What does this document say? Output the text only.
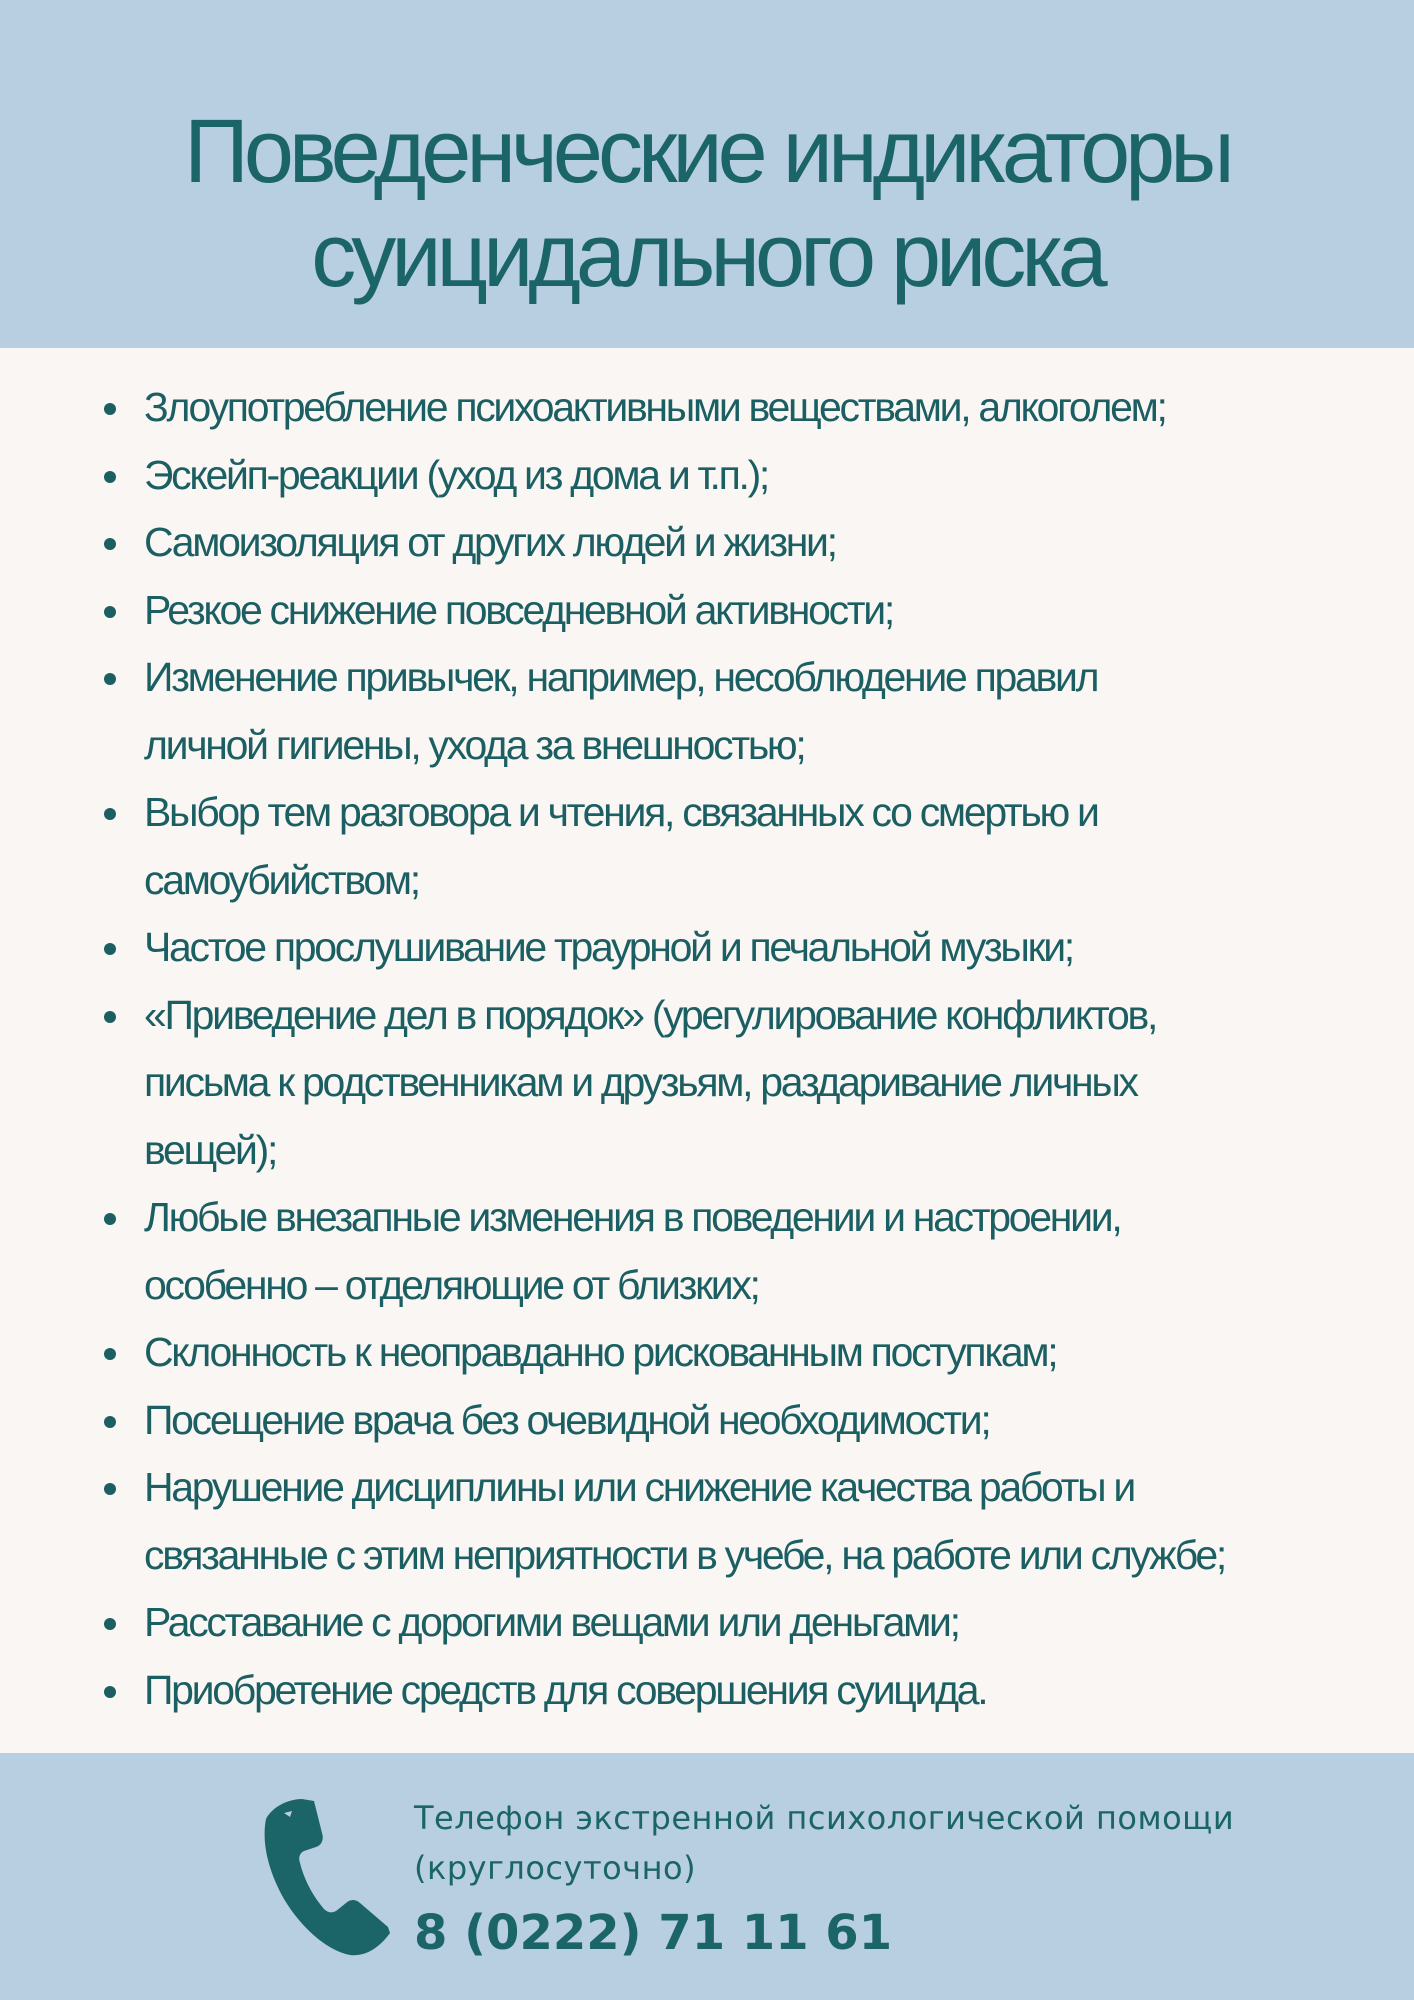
Поведенческие индикаторы
суицидального риска
Злоупотребление психоактивными веществами, алкоголем;
Эскейп-реакции (уход из дома и т.п.);
Самоизоляция от других людей и жизни;
Резкое снижение повседневной активности;
Изменение привычек, например, несоблюдение правил
личной гигиены, ухода за внешностью;
Выбор тем разговора и чтения, связанных со смертью и
самоубийством;
Частое прослушивание траурной и печальной музыки;
«Приведение дел в порядок» (урегулирование конфликтов,
письма к родственникам и друзьям, раздаривание личных
вещей);
Любые внезапные изменения в поведении и настроении,
особенно – отделяющие от близких;
Склонность к неоправданно рискованным поступкам;
Посещение врача без очевидной необходимости;
Нарушение дисциплины или снижение качества работы и
связанные с этим неприятности в учебе, на работе или службе;
Расставание с дорогими вещами или деньгами;
Приобретение средств для совершения суицида.
Телефон экстренной психологической помощи
(круглосуточно)
8 (0222) 71 11 61
